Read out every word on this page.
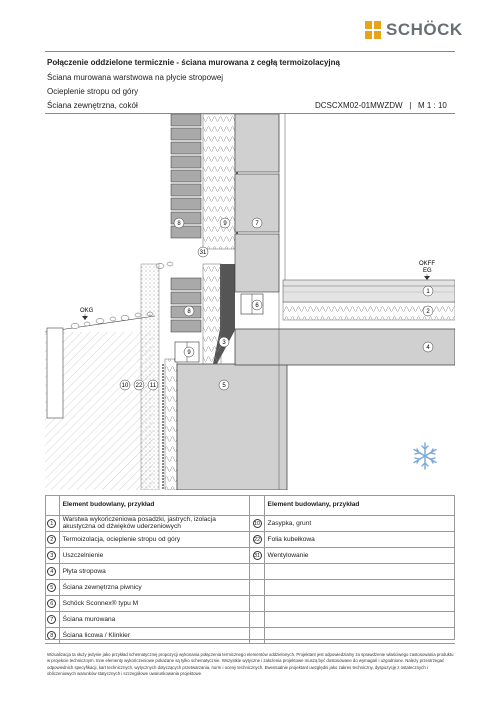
SCHÖCK
Połączenie oddzielone termicznie - ściana murowana z cegłą termoizolacyjną
Ściana murowana warstwowa na płycie stropowej
Ocieplenie stropu od góry
Ściana zewnętrzna, cokół	DCSCXM02-01MWZDW   |   M 1 : 10
OKFF
EG
OKG
1
2
3
4
5
6
7
8
9
10	11
22
31
8	9
	Element budowlany, przykład		Element budowlany, przykład
1	Warstwa wykończeniowa posadzki, jastrych, izolacja akustyczna od dźwięków uderzeniowych	10	Zasypka, grunt
2	Termoizolacja, ocieplenie stropu od góry	22	Folia kubełkowa
3	Uszczelnienie	31	Wentylowanie
4	Płyta stropowa		
5	Ściana zewnętrzna piwnicy		
6	Schöck Sconnex® typu M		
7	Ściana murowana		
8	Ściana licowa / Klinkier		
Wizualizacja ta służy jedynie jako przykład schematycznej propozycji wykonania połączenia termicznego elementów oddzielonych. Projektant jest odpowiedzialny za sprawdzenie właściwego zastosowania produktu w projekcie technicznym. Inne elementy wykończeniowe pokazane są tylko schematycznie. Wszystkie wytyczne i założenia projektowe muszą być dostosowane do wymagań i uzgodnione. Należy przestrzegać odpowiednich specyfikacji, kart technicznych, wytycznych dotyczących przetwarzania, norm i oceny technicznych. Ewentualnie projektant uwzględni jako zakres techniczny, dyspozycję z ostatecznych i obliczeniowych warunków statycznych i szczegółowe uwarunkowania projektowe.
